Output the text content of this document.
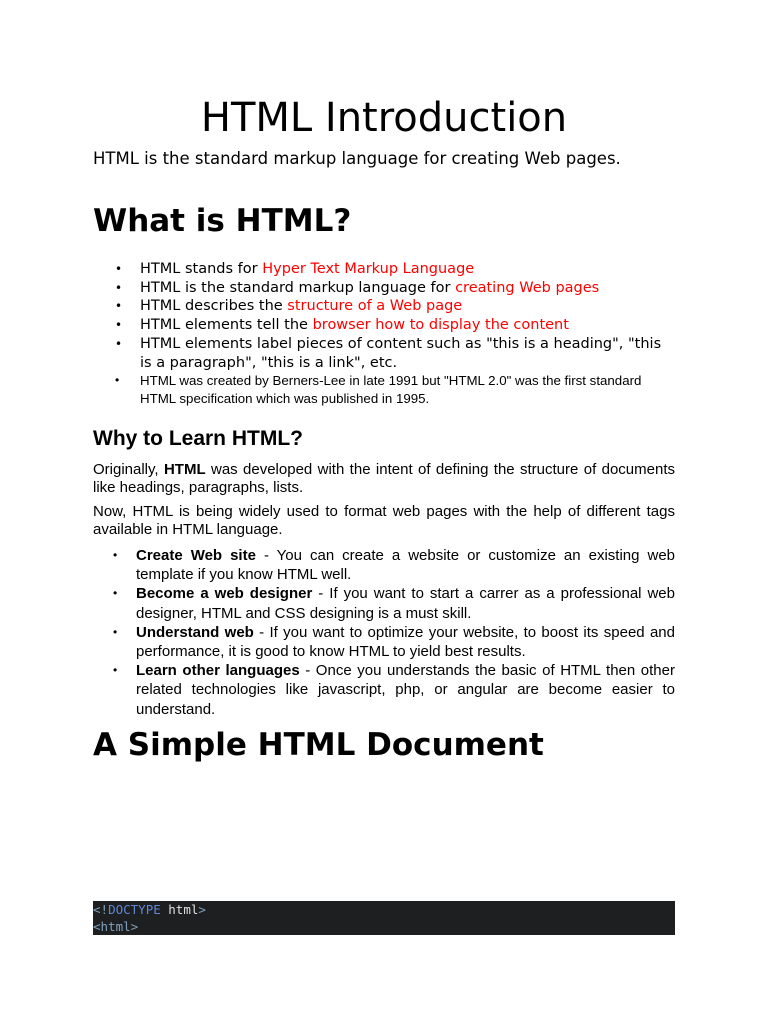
HTML Introduction

HTML is the standard markup language for creating Web pages.

What is HTML?
• HTML stands for Hyper Text Markup Language
• HTML is the standard markup language for creating Web pages
• HTML describes the structure of a Web page
• HTML elements tell the browser how to display the content
• HTML elements label pieces of content such as "this is a heading", "this is a paragraph", "this is a link", etc.
• HTML was created by Berners-Lee in late 1991 but "HTML 2.0" was the first standard HTML specification which was published in 1995.
Why to Learn HTML?

Originally, HTML was developed with the intent of defining the structure of documents like headings, paragraphs, lists.

Now, HTML is being widely used to format web pages with the help of different tags available in HTML language.

• Create Web site - You can create a website or customize an existing web template if you know HTML well.
• Become a web designer - If you want to start a carrer as a professional web designer, HTML and CSS designing is a must skill.
• Understand web - If you want to optimize your website, to boost its speed and performance, it is good to know HTML to yield best results.
• Learn other languages - Once you understands the basic of HTML then other related technologies like javascript, php, or angular are become easier to understand.
A Simple HTML Document
<!DOCTYPE html>
<html>
